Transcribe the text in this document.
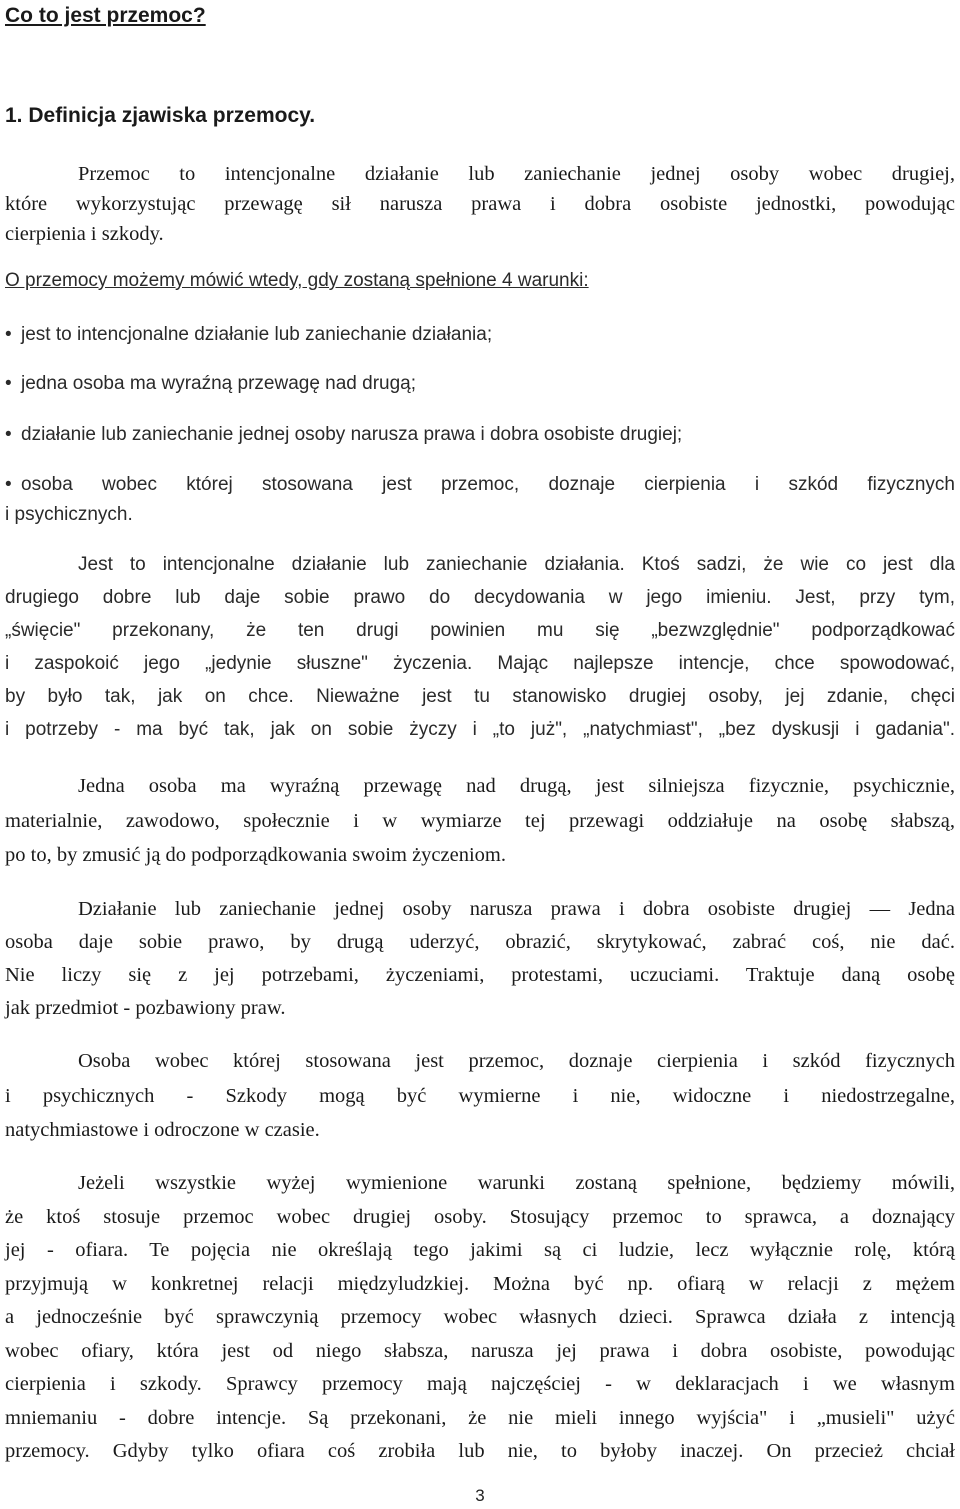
Co to jest przemoc?
1. Definicja zjawiska przemocy.
Przemoc to intencjonalne działanie lub zaniechanie jednej osoby wobec drugiej,
które wykorzystując przewagę sił narusza prawa i dobra osobiste jednostki, powodując
cierpienia i szkody.
O przemocy możemy mówić wtedy, gdy zostaną spełnione 4 warunki:
• jest to intencjonalne działanie lub zaniechanie działania;
• jedna osoba ma wyraźną przewagę nad drugą;
• działanie lub zaniechanie jednej osoby narusza prawa i dobra osobiste drugiej;
• osoba wobec której stosowana jest przemoc, doznaje cierpienia i szkód fizycznych
i psychicznych.
Jest to intencjonalne działanie lub zaniechanie działania. Ktoś sadzi, że wie co jest dla
drugiego dobre lub daje sobie prawo do decydowania w jego imieniu. Jest, przy tym,
„święcie" przekonany, że ten drugi powinien mu się „bezwzględnie" podporządkować
i zaspokoić jego „jedynie słuszne" życzenia. Mając najlepsze intencje, chce spowodować,
by było tak, jak on chce. Nieważne jest tu stanowisko drugiej osoby, jej zdanie, chęci
i potrzeby - ma być tak, jak on sobie życzy i „to już", „natychmiast", „bez dyskusji i gadania".
Jedna osoba ma wyraźną przewagę nad drugą, jest silniejsza fizycznie, psychicznie,
materialnie, zawodowo, społecznie i w wymiarze tej przewagi oddziałuje na osobę słabszą,
po to, by zmusić ją do podporządkowania swoim życzeniom.
Działanie lub zaniechanie jednej osoby narusza prawa i dobra osobiste drugiej — Jedna
osoba daje sobie prawo, by drugą uderzyć, obrazić, skrytykować, zabrać coś, nie dać.
Nie liczy się z jej potrzebami, życzeniami, protestami, uczuciami. Traktuje daną osobę
jak przedmiot - pozbawiony praw.
Osoba wobec której stosowana jest przemoc, doznaje cierpienia i szkód fizycznych
i psychicznych - Szkody mogą być wymierne i nie, widoczne i niedostrzegalne,
natychmiastowe i odroczone w czasie.
Jeżeli wszystkie wyżej wymienione warunki zostaną spełnione, będziemy mówili,
że ktoś stosuje przemoc wobec drugiej osoby. Stosujący przemoc to sprawca, a doznający
jej - ofiara. Te pojęcia nie określają tego jakimi są ci ludzie, lecz wyłącznie rolę, którą
przyjmują w konkretnej relacji międzyludzkiej. Można być np. ofiarą w relacji z mężem
a jednocześnie być sprawczynią przemocy wobec własnych dzieci. Sprawca działa z intencją
wobec ofiary, która jest od niego słabsza, narusza jej prawa i dobra osobiste, powodując
cierpienia i szkody. Sprawcy przemocy mają najczęściej - w deklaracjach i we własnym
mniemaniu - dobre intencje. Są przekonani, że nie mieli innego wyjścia" i „musieli" użyć
przemocy. Gdyby tylko ofiara coś zrobiła lub nie, to byłoby inaczej. On przecież chciał
3
